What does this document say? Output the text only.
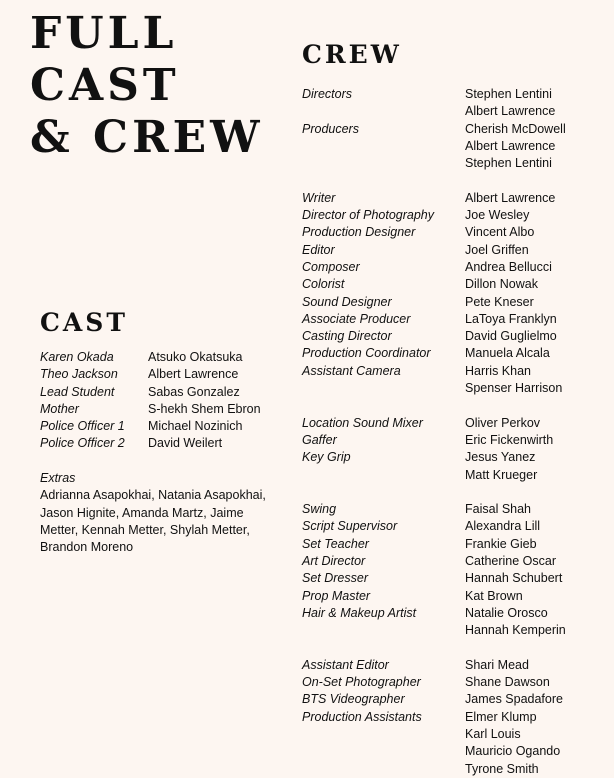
FULL
CAST
& CREW
CREW
Directors	Stephen Lentini
Albert Lawrence
Producers	Cherish McDowell
Albert Lawrence
Stephen Lentini
Writer	Albert Lawrence
Director of Photography	Joe Wesley
Production Designer	Vincent Albo
Editor	Joel Griffen
Composer	Andrea Bellucci
Colorist	Dillon Nowak
Sound Designer	Pete Kneser
Associate Producer	LaToya Franklyn
Casting Director	David Guglielmo
Production Coordinator	Manuela Alcala
Assistant Camera	Harris Khan
Spenser Harrison
Location Sound Mixer	Oliver Perkov
Gaffer	Eric Fickenwirth
Key Grip	Jesus Yanez
Matt Krueger
Swing	Faisal Shah
Script Supervisor	Alexandra Lill
Set Teacher	Frankie Gieb
Art Director	Catherine Oscar
Set Dresser	Hannah Schubert
Prop Master	Kat Brown
Hair & Makeup Artist	Natalie Orosco
Hannah Kemperin
Assistant Editor	Shari Mead
On-Set Photographer	Shane Dawson
BTS Videographer	James Spadafore
Production Assistants	Elmer Klump
Karl Louis
Mauricio Ogando
Tyrone Smith
CAST
Karen Okada	Atsuko Okatsuka
Theo Jackson	Albert Lawrence
Lead Student	Sabas Gonzalez
Mother	S-hekh Shem Ebron
Police Officer 1	Michael Nozinich
Police Officer 2	David Weilert
Extras
Adrianna Asapokhai, Natania Asapokhai, Jason Hignite, Amanda Martz, Jaime Metter, Kennah Metter, Shylah Metter, Brandon Moreno
